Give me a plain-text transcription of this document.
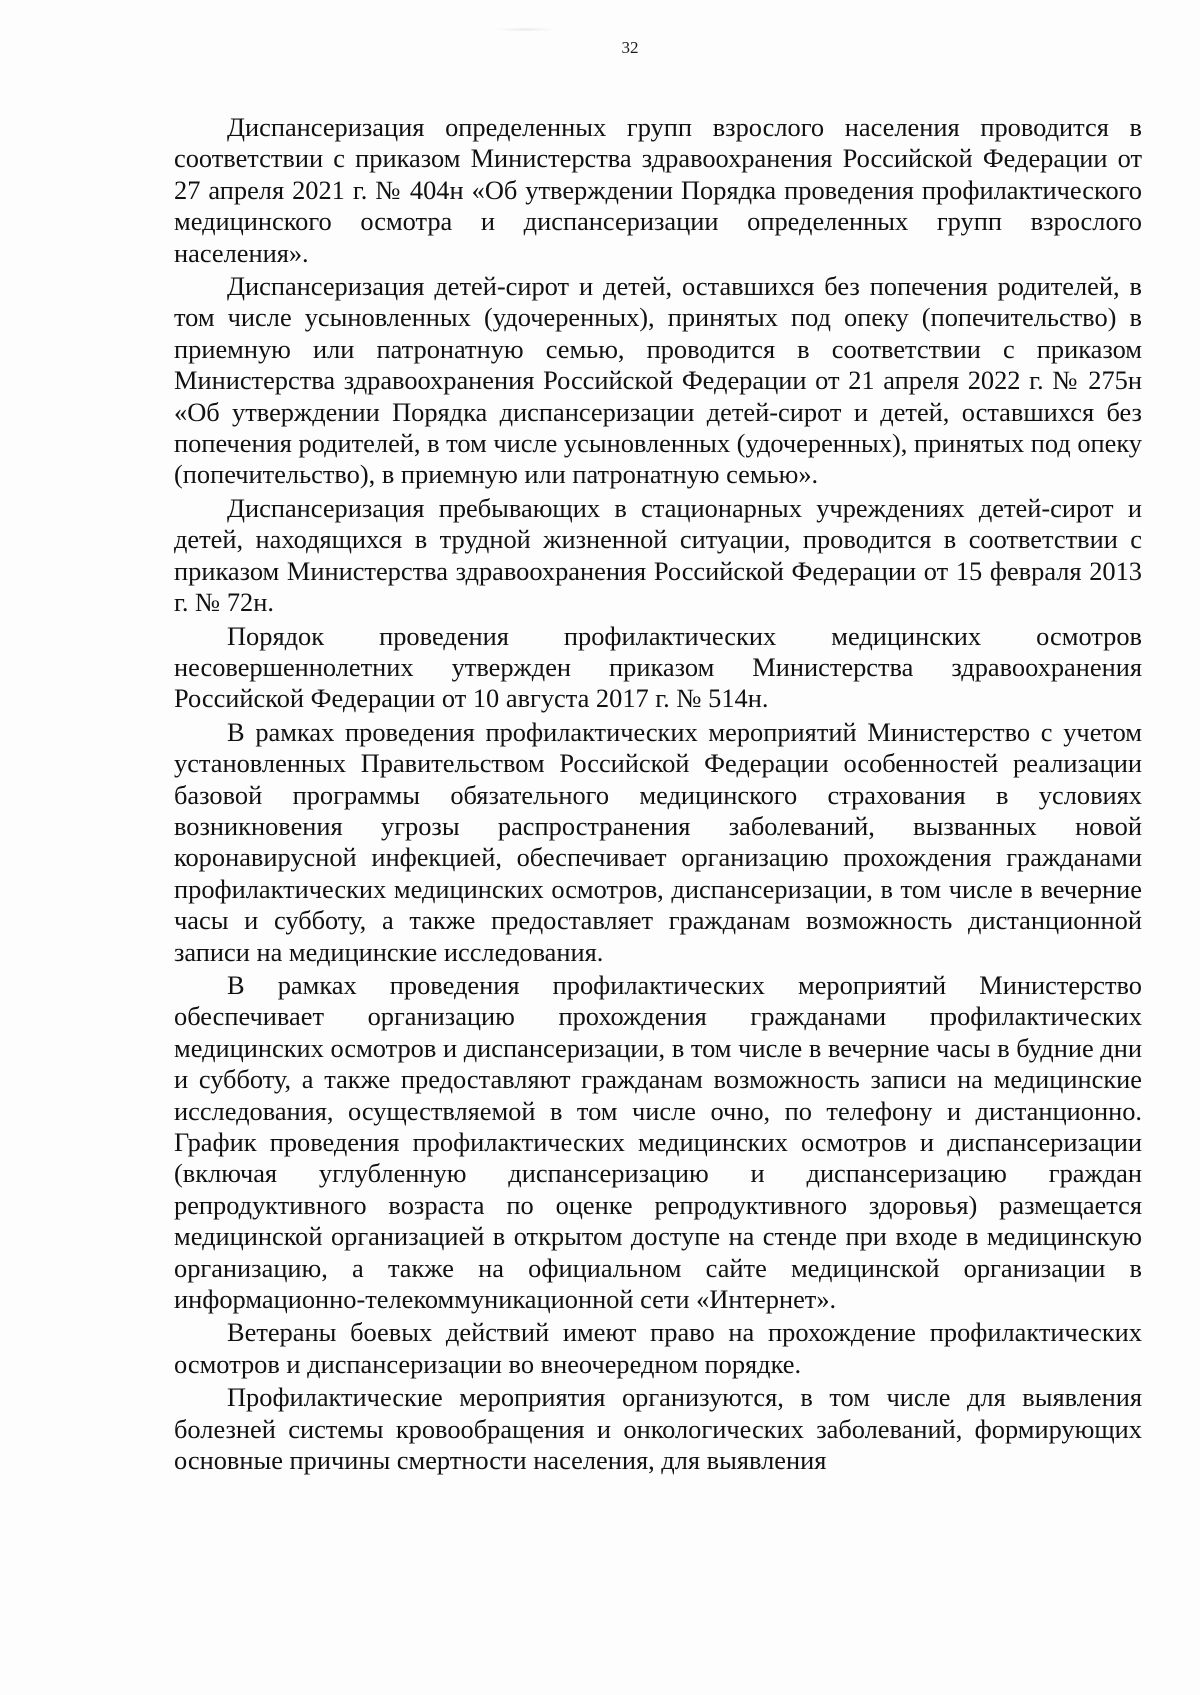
32

Диспансеризация определенных групп взрослого населения проводится в соответствии с приказом Министерства здравоохранения Российской Федерации от 27 апреля 2021 г. № 404н «Об утверждении Порядка проведения профилактического медицинского осмотра и диспансеризации определенных групп взрослого населения».

Диспансеризация детей-сирот и детей, оставшихся без попечения родителей, в том числе усыновленных (удочеренных), принятых под опеку (попечительство) в приемную или патронатную семью, проводится в соответствии с приказом Министерства здравоохранения Российской Федерации от 21 апреля 2022 г. № 275н «Об утверждении Порядка диспансеризации детей-сирот и детей, оставшихся без попечения родителей, в том числе усыновленных (удочеренных), принятых под опеку (попечительство), в приемную или патронатную семью».

Диспансеризация пребывающих в стационарных учреждениях детей-сирот и детей, находящихся в трудной жизненной ситуации, проводится в соответствии с приказом Министерства здравоохранения Российской Федерации от 15 февраля 2013 г. № 72н.

Порядок проведения профилактических медицинских осмотров несовершеннолетних утвержден приказом Министерства здравоохранения Российской Федерации от 10 августа 2017 г. № 514н.

В рамках проведения профилактических мероприятий Министерство с учетом установленных Правительством Российской Федерации особенностей реализации базовой программы обязательного медицинского страхования в условиях возникновения угрозы распространения заболеваний, вызванных новой коронавирусной инфекцией, обеспечивает организацию прохождения гражданами профилактических медицинских осмотров, диспансеризации, в том числе в вечерние часы и субботу, а также предоставляет гражданам возможность дистанционной записи на медицинские исследования.

В рамках проведения профилактических мероприятий Министерство обеспечивает организацию прохождения гражданами профилактических медицинских осмотров и диспансеризации, в том числе в вечерние часы в будние дни и субботу, а также предоставляют гражданам возможность записи на медицинские исследования, осуществляемой в том числе очно, по телефону и дистанционно. График проведения профилактических медицинских осмотров и диспансеризации (включая углубленную диспансеризацию и диспансеризацию граждан репродуктивного возраста по оценке репродуктивного здоровья) размещается медицинской организацией в открытом доступе на стенде при входе в медицинскую организацию, а также на официальном сайте медицинской организации в информационно-телекоммуникационной сети «Интернет».

Ветераны боевых действий имеют право на прохождение профилактических осмотров и диспансеризации во внеочередном порядке.

Профилактические мероприятия организуются, в том числе для выявления болезней системы кровообращения и онкологических заболеваний, формирующих основные причины смертности населения, для выявления
